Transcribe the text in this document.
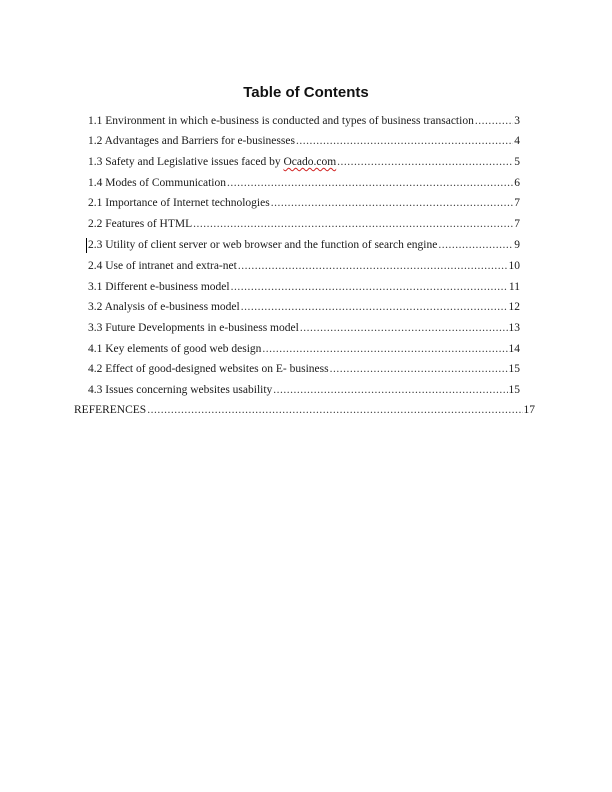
Table of Contents
1.1 Environment in which e-business is conducted and types of business transaction .....	3
1.2 Advantages and Barriers for e-businesses .....	4
1.3 Safety and Legislative issues faced by Ocado.com .....	5
1.4 Modes of Communication .....	6
2.1 Importance of Internet technologies .....	7
2.2 Features of HTML .....	7
2.3 Utility of client server or web browser and the function of search engine .....	9
2.4 Use of intranet and extra-net .....	10
3.1 Different e-business model .....	11
3.2 Analysis of e-business model .....	12
3.3 Future Developments in e-business model .....	13
4.1 Key elements of good web design .....	14
4.2 Effect of good-designed websites on E- business .....	15
4.3 Issues concerning websites usability .....	15
REFERENCES .....	17
